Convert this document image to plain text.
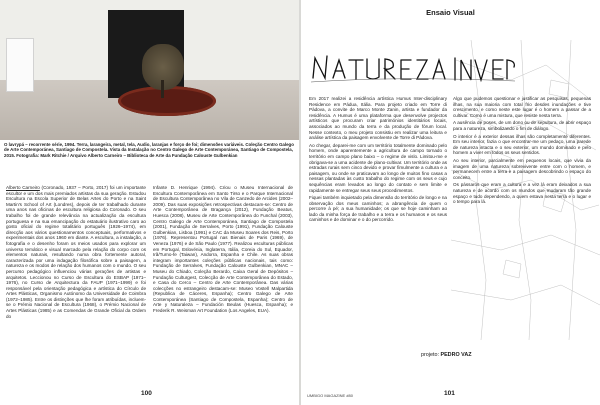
O lavrypá – recorrente série, 1994. Terra, larangeira, metal, tela, Audio, laranjas e forço de foi; dimensões variáveis. Coleção Centro Galego de Arte Contemporánea, Santiago de Compostela. Vista da Instalação no Centro Galego de Arte Contemporánea, Santiago de Compostela, 2015. Fotografia: Mark Ritchie / Arquivo Alberto Carneiro – Biblioteca de Arte da Fundação Calouste Gulbenkian
Alberto Carneiro (Coronado, 1937 – Porto, 2017) foi um importante escultor e um dos mais premiados artistas da sua geração. Estudou Escultura na Escola Superior de Belas Artes do Porto e na Saint Martin's School of Art (Londres), depois de ter trabalhado durante uma anos nas oficinas de escultura religiosa do Coronado. O seu trabalho foi de grande relevância na actualização da escultura portuguesa e na sua emancipação do estatuário ilustrativo caro ao gosto oficial do regime totalitário português (1926–1974), em direcção aos vários questionamentos conceptuais, performativos e experimentais dos anos 1960 em diante. A escultura, a instalação, a fotografia e o desenho foram os meios usados para explorar um universo temático e visual marcado pela relação do corpo com os elementos naturais, resultando numa obra fortemente autoral, caracterizada por uma indagação filosófica sobre a paisagem, a natureza e os modos de relação dos humanos com o mundo. O seu percurso pedagógico influenciou várias gerações de artistas e arquitetos. Leccionou no Curso de Escultura do ESBAP (1971–1976), no Curso de Arquitectura da FAUP (1971–1999) e foi responsável pela orientação pedagógica e artística do Círculo de Artes Plásticas, Organismo Autónomo da Universidade de Coimbra (1972–1985). Entre os distinções que lhe foram atribuídas, incluem-se o Prémio Nacional de Escultura (1968), o Prémio Nacional de Artes Plásticas (1985) e as Comendas de Grande Oficial da Ordem do
Infante D. Henrique (1994). Criou o Museu Internacional de Escultura Contemporânea em Santo Tirso e o Parque Internacional de Escultura Contemporânea no Vila de Canzedo de Arcides (2002–2009). Das suas exposições retrospectivas destacam-se: Centro de Arte Contemporânea de Bragança (2012), Fundação Beatus, Huesca (2008), Museu de Arte Contemporânea do Funchal (2003), Centro Galego de Arte Contemporánea, Santiago de Compostela (2001), Fundação de Serralves, Porto (1991), Fundação Calouste Gulbenkian, Lisboa (1991) e CAC da Museu Soares dos Reis, Porto (1976). Representou Portugal nas Bienais de Paris (1969), de Veneza (1976) e de São Paulo (1977). Realizou esculturas públicas em Portugal, Eslovénia, Inglaterra, Itália, Coreia do Sul, Equador, Irã/Turno-fe (Taiwan), Andorra, Espanha e Chile. As suas obras integram importantes coleções públicas nacionais, tais como: Fundação de Serralves, Fundação Calouste Gulbenkian, MNAC – Museu do Chiado, Coleção Berardo, Caixa Geral de Depósitos – Fundação Culturgest, Colecção de Arte Contemporânea do Estado, e Casa do Cerco – Centro de Arte Contemporânea. Das várias colecções no estrangeiro destacam-se: Museo Vostell Malpartida (Republica de Cáceres, Espanha); Centro Galego de Arte Contemporánea (Santiago de Compostela, Espanha); Centro de Arte y Naturaleza – Fundación Beulas (Huesca, Espanha); e Frederik R. Weisman Art Foundation (Los Angeles, EUA).
100
Ensaio Visual

Em 2017 realizei a residência artística Humus Inter-disciplinary Residence em Pádua, Itália. Para projeto criado em Torre di Pàdova, a convite de Marco Monte Zanin, artista e fundador da residência. A Humus é uma plataforma que desenvolve projectos artísticos que procuram criar patrimónios identitários locais, associados ao mundo da terra e da produção de fórum local. Nesse contexto, o meu projeto consistiu em realizar uma leitura e análise artística da paisagem envolvente de Torre di Pàdova.

Ao chegar, deparei-me com um território totalmente dominado pelo homem, onde aparentemente a agricultura de campo tornado o território em campo plano baixo – o regime de vislo. Limitou-me e obrigava-se a uma acidente de plano-cultivar. Um território onde as estradas rurais sem cinco devido e provar fimulmente a cultura e a paisagem, ou onde se praticavam ao longo de muitos fino casas a nessas plantadas às custo trabalho do regime com os seus e cujo sequências eram levados ao longo do contato e sem limite e rapidamente se entregar seus seus procedimentos.

Fiquei também inquietado pela dimensão do território de longo e na observação dos meus caminhos; a abrangência de quem o percorre à pé; a sua humanidade; os que se hoje caminham ao lado da minha força de trabalho e a terra e os humanos e os seus caminhos e de dominar e o do percorrido.

Algo que pudemos questionar e justificar as pesquisas, pequenas ilhas, na sua maioria com total frio desdes inundações e tive crescimento, e como neste este lugar é o homem a passar de a cultivar. Como é uma mistura, que resiste nesta terra.

A ausência de poses, de um dono ou de sepultura, de abrir espaço para a natureza, simbolizando o fim de diálogo.

O interior é a exterior dessas ilhas são completamente diferentes. Em seu interior, fazia o que encontrar-me um pedaço, uma parede de natureza intacta e o seu exterior, um mundo dominado e pelo homem a viver em todos os seus sentidos.

Ao seu interior, parcialmente em pequenos locais, que vivia da imagem de uma natureza sobrevivente entre com o homem, e permanecem entre a terra e a paisagem descobrindo o espaço do conceito.

Os pássaros que eram a cultura e a vez lá eram deixados a sua natureza e de acordo com os mundos que mudaram tão grande espaço e tudo dependendo, a quem estava nesta terra e o lugar e o tempo para lá.

projeto: PEDRO VAZ
UMBIGO MAGAZINE #80	101
